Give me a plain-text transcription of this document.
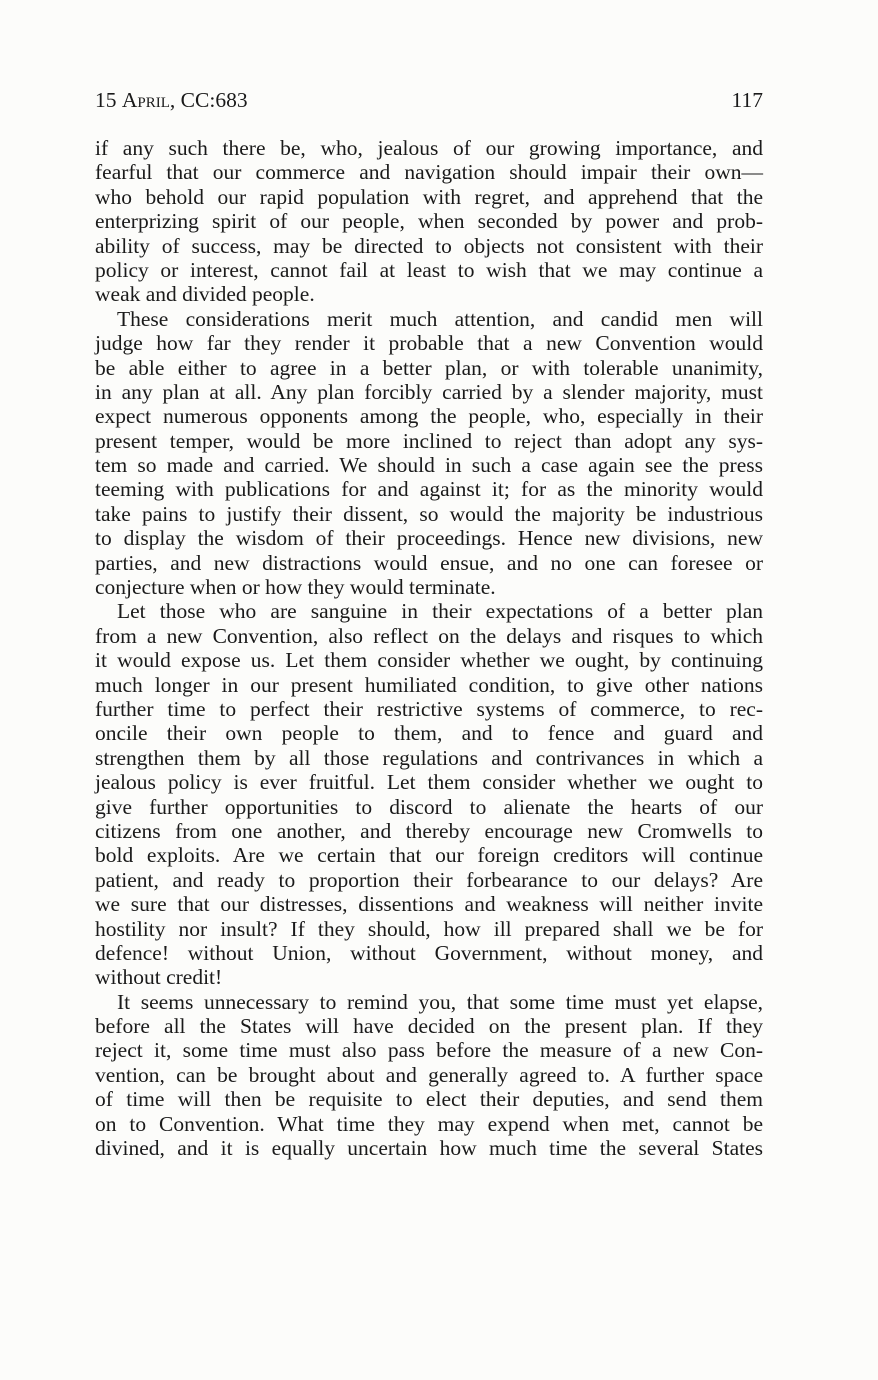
15 April, CC:683	117
if any such there be, who, jealous of our growing importance, and
fearful that our commerce and navigation should impair their own—
who behold our rapid population with regret, and apprehend that the
enterprizing spirit of our people, when seconded by power and prob-
ability of success, may be directed to objects not consistent with their
policy or interest, cannot fail at least to wish that we may continue a
weak and divided people.
These considerations merit much attention, and candid men will
judge how far they render it probable that a new Convention would
be able either to agree in a better plan, or with tolerable unanimity,
in any plan at all. Any plan forcibly carried by a slender majority, must
expect numerous opponents among the people, who, especially in their
present temper, would be more inclined to reject than adopt any sys-
tem so made and carried. We should in such a case again see the press
teeming with publications for and against it; for as the minority would
take pains to justify their dissent, so would the majority be industrious
to display the wisdom of their proceedings. Hence new divisions, new
parties, and new distractions would ensue, and no one can foresee or
conjecture when or how they would terminate.
Let those who are sanguine in their expectations of a better plan
from a new Convention, also reflect on the delays and risques to which
it would expose us. Let them consider whether we ought, by continuing
much longer in our present humiliated condition, to give other nations
further time to perfect their restrictive systems of commerce, to rec-
oncile their own people to them, and to fence and guard and
strengthen them by all those regulations and contrivances in which a
jealous policy is ever fruitful. Let them consider whether we ought to
give further opportunities to discord to alienate the hearts of our
citizens from one another, and thereby encourage new Cromwells to
bold exploits. Are we certain that our foreign creditors will continue
patient, and ready to proportion their forbearance to our delays? Are
we sure that our distresses, dissentions and weakness will neither invite
hostility nor insult? If they should, how ill prepared shall we be for
defence! without Union, without Government, without money, and
without credit!
It seems unnecessary to remind you, that some time must yet elapse,
before all the States will have decided on the present plan. If they
reject it, some time must also pass before the measure of a new Con-
vention, can be brought about and generally agreed to. A further space
of time will then be requisite to elect their deputies, and send them
on to Convention. What time they may expend when met, cannot be
divined, and it is equally uncertain how much time the several States
